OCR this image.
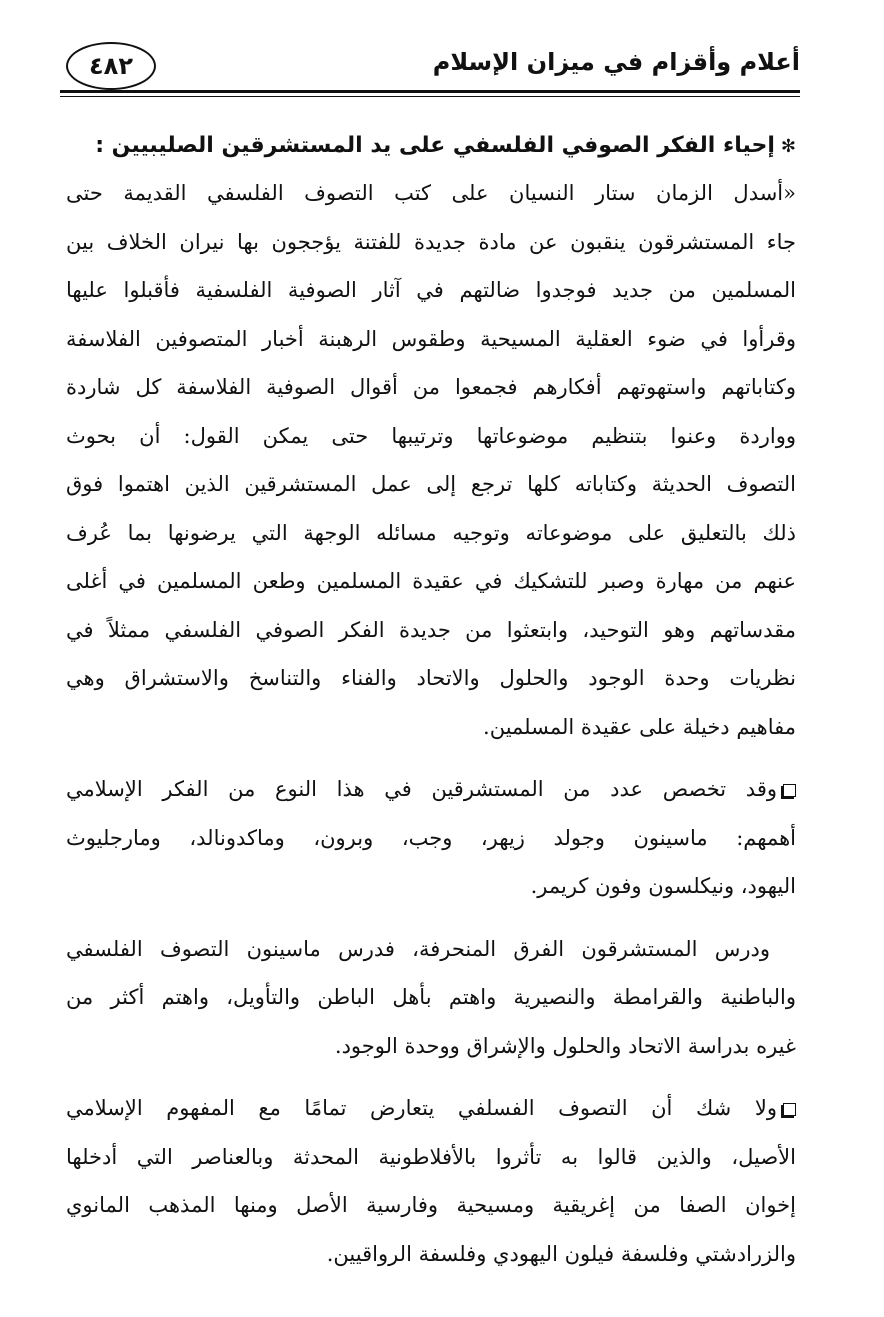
أعلام وأقزام في ميزان الإسلام
٤٨٢
✻إحياء الفكر الصوفي الفلسفي على يد المستشرقين الصليبيين :
«أسدل الزمان ستار النسيان على كتب التصوف الفلسفي القديمة حتى
جاء المستشرقون ينقبون عن مادة جديدة للفتنة يؤججون بها نيران الخلاف بين
المسلمين من جديد فوجدوا ضالتهم في آثار الصوفية الفلسفية فأقبلوا عليها
وقرأوا في ضوء العقلية المسيحية وطقوس الرهبنة أخبار المتصوفين الفلاسفة
وكتاباتهم واستهوتهم أفكارهم فجمعوا من أقوال الصوفية الفلاسفة كل شاردة
وواردة وعنوا بتنظيم موضوعاتها وترتيبها حتى يمكن القول: أن بحوث
التصوف الحديثة وكتاباته كلها ترجع إلى عمل المستشرقين الذين اهتموا فوق
ذلك بالتعليق على موضوعاته وتوجيه مسائله الوجهة التي يرضونها بما عُرف
عنهم من مهارة وصبر للتشكيك في عقيدة المسلمين وطعن المسلمين في أغلى
مقدساتهم وهو التوحيد، وابتعثوا من جديدة الفكر الصوفي الفلسفي ممثلاً في
نظريات وحدة الوجود والحلول والاتحاد والفناء والتناسخ والاستشراق وهي
مفاهيم دخيلة على عقيدة المسلمين.
وقد تخصص عدد من المستشرقين في هذا النوع من الفكر الإسلامي
أهمهم: ماسينون وجولد زيهر، وجب، وبرون، وماكدونالد، ومارجليوث
اليهود، ونيكلسون وفون كريمر.
ودرس المستشرقون الفرق المنحرفة، فدرس ماسينون التصوف الفلسفي
والباطنية والقرامطة والنصيرية واهتم بأهل الباطن والتأويل، واهتم أكثر من
غيره بدراسة الاتحاد والحلول والإشراق ووحدة الوجود.
ولا شك أن التصوف الفسلفي يتعارض تمامًا مع المفهوم الإسلامي
الأصيل، والذين قالوا به تأثروا بالأفلاطونية المحدثة وبالعناصر التي أدخلها
إخوان الصفا من إغريقية ومسيحية وفارسية الأصل ومنها المذهب المانوي
والزرادشتي وفلسفة فيلون اليهودي وفلسفة الرواقيين.
